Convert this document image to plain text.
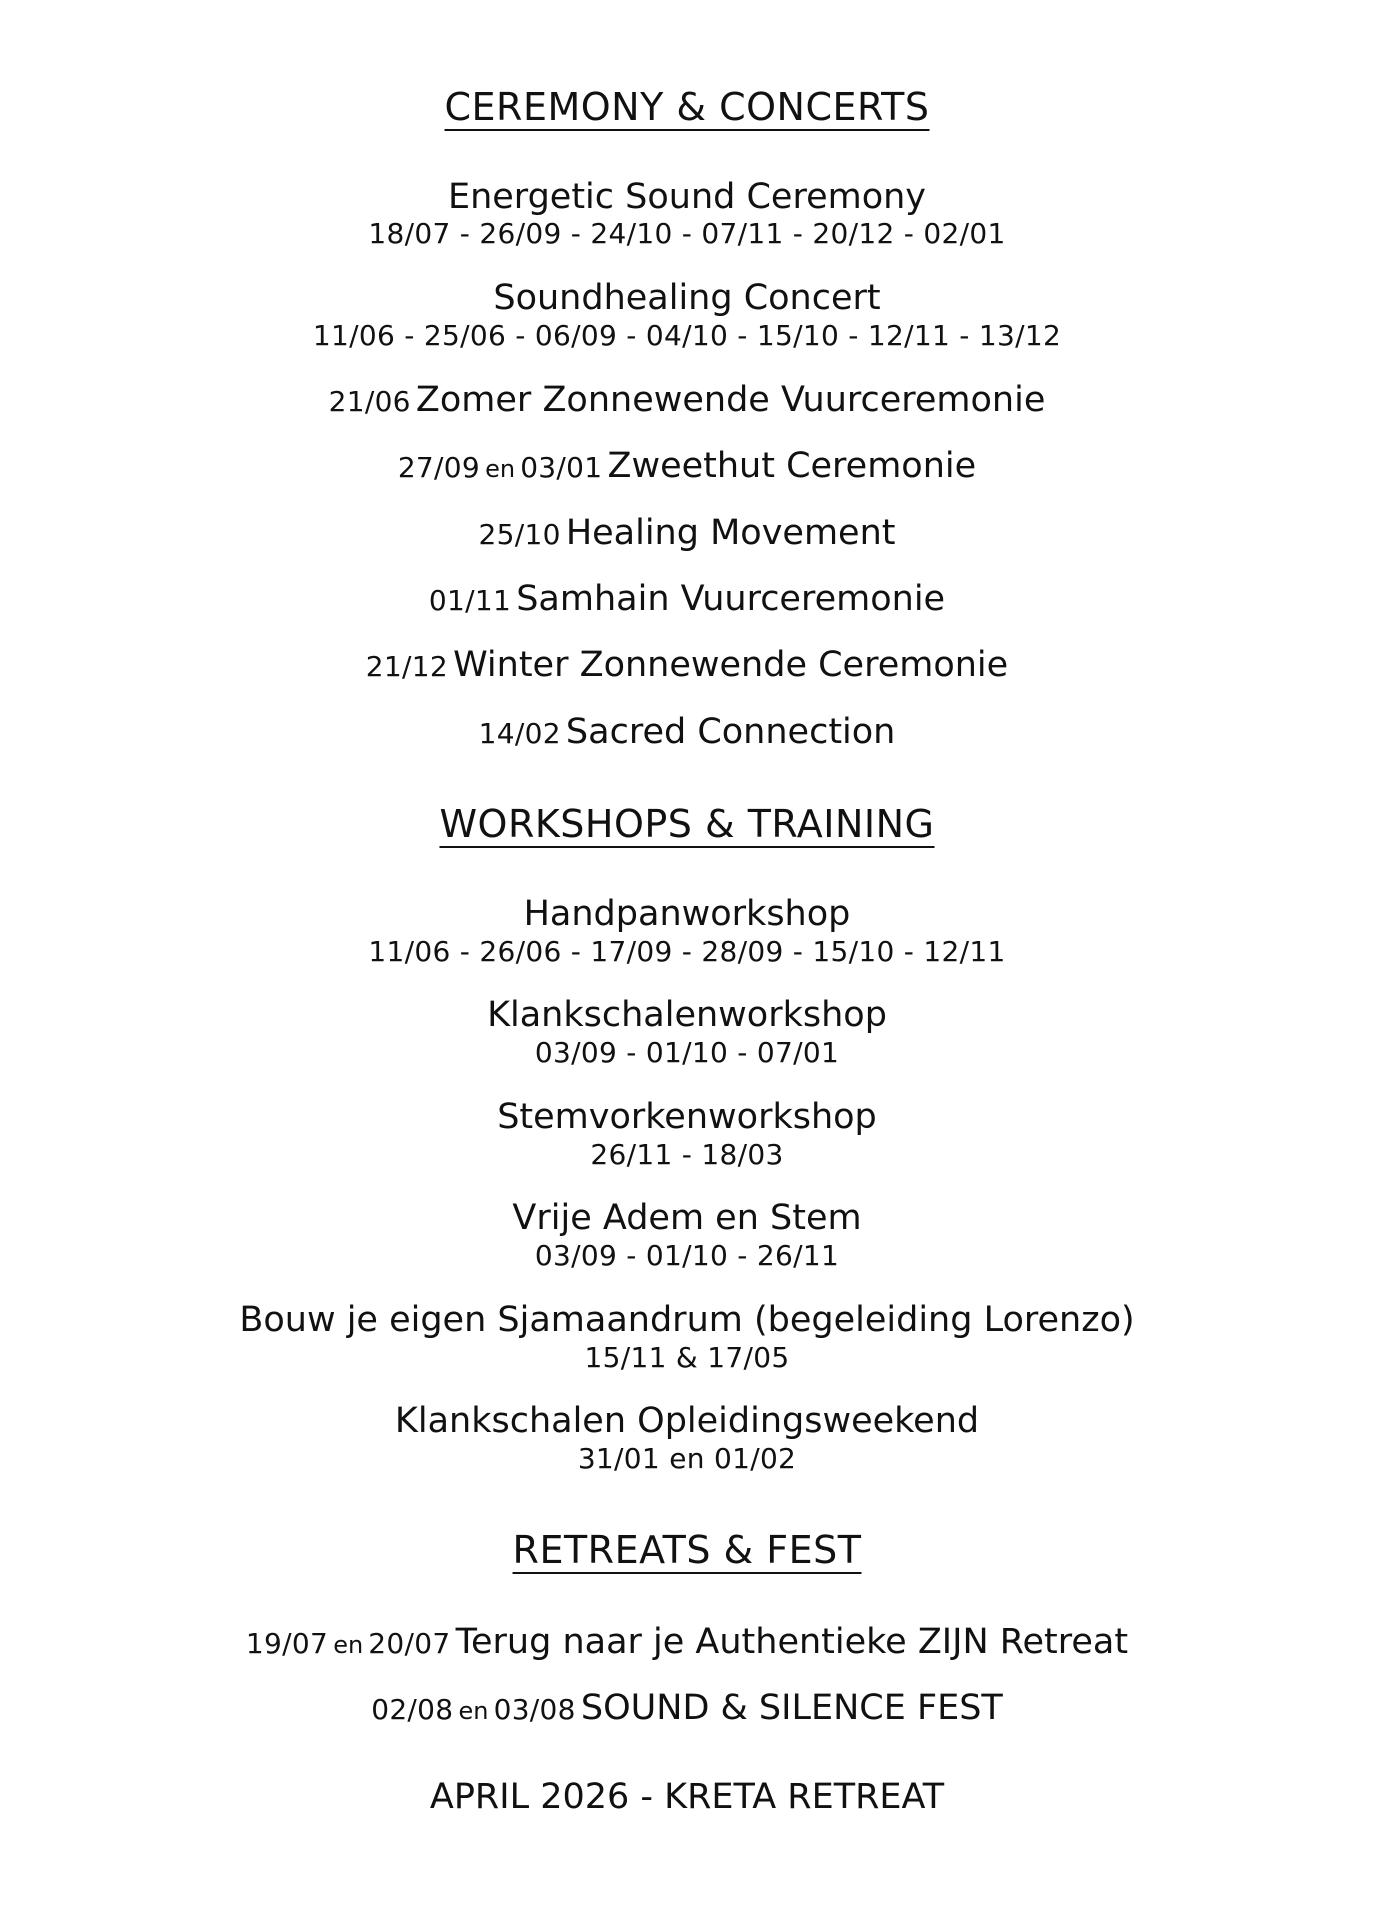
CEREMONY & CONCERTS
Energetic Sound Ceremony
18/07 - 26/09 - 24/10 - 07/11 - 20/12 - 02/01
Soundhealing Concert
11/06 - 25/06 - 06/09 - 04/10 - 15/10 - 12/11 - 13/12
21/06 Zomer Zonnewende Vuurceremonie
27/09 en 03/01 Zweethut Ceremonie
25/10 Healing Movement
01/11 Samhain Vuurceremonie
21/12 Winter Zonnewende Ceremonie
14/02 Sacred Connection
WORKSHOPS & TRAINING
Handpanworkshop
11/06 - 26/06 - 17/09 - 28/09 - 15/10 - 12/11
Klankschalenworkshop
03/09 - 01/10 - 07/01
Stemvorkenworkshop
26/11 - 18/03
Vrije Adem en Stem
03/09 - 01/10 - 26/11
Bouw je eigen Sjamaandrum (begeleiding Lorenzo)
15/11 & 17/05
Klankschalen Opleidingsweekend
31/01 en 01/02
RETREATS & FEST
19/07 en 20/07 Terug naar je Authentieke ZIJN Retreat
02/08 en 03/08 SOUND & SILENCE FEST
APRIL 2026 - KRETA RETREAT
